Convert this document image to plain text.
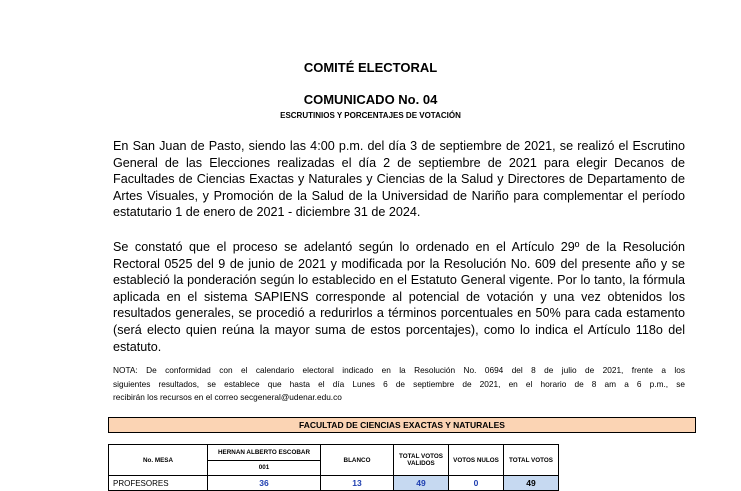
COMITÉ ELECTORAL
COMUNICADO No. 04
ESCRUTINIOS Y PORCENTAJES DE VOTACIÓN
En San Juan de Pasto, siendo las 4:00 p.m. del día 3 de septiembre de 2021, se realizó el Escrutino
General de las Elecciones realizadas el día 2 de septiembre de 2021 para elegir Decanos de
Facultades de Ciencias Exactas y Naturales y Ciencias de la Salud y Directores de Departamento de
Artes Visuales, y Promoción de la Salud de la Universidad de Nariño para complementar el período
estatutario 1 de enero de 2021 - diciembre 31 de 2024.
Se constató que el proceso se adelantó según lo ordenado en el Artículo 29º de la Resolución
Rectoral 0525 del 9 de junio de 2021 y modificada por la Resolución No. 609 del presente año y se
estableció la ponderación según lo establecido en el Estatuto General vigente. Por lo tanto, la fórmula
aplicada en el sistema SAPIENS corresponde al potencial de votación y una vez obtenidos los
resultados generales, se procedió a redurirlos a términos porcentuales en 50% para cada estamento
(será electo quien reúna la mayor suma de estos porcentajes), como lo indica el Artículo 118o del
estatuto.
NOTA: De conformidad con el calendario electoral indicado en la Resolución No. 0694 del 8 de julio de 2021, frente a los
siguientes resultados, se establece que hasta el día Lunes 6 de septiembre de 2021, en el horario de 8 am a 6 p.m., se
recibirán los recursos en el correo secgeneral@udenar.edu.co
FACULTAD DE CIENCIAS EXACTAS Y NATURALES
No. MESA	HERNAN ALBERTO ESCOBAR	BLANCO	TOTAL VOTOS VALIDOS	VOTOS NULOS	TOTAL VOTOS
	001				
PROFESORES	36	13	49	0	49
